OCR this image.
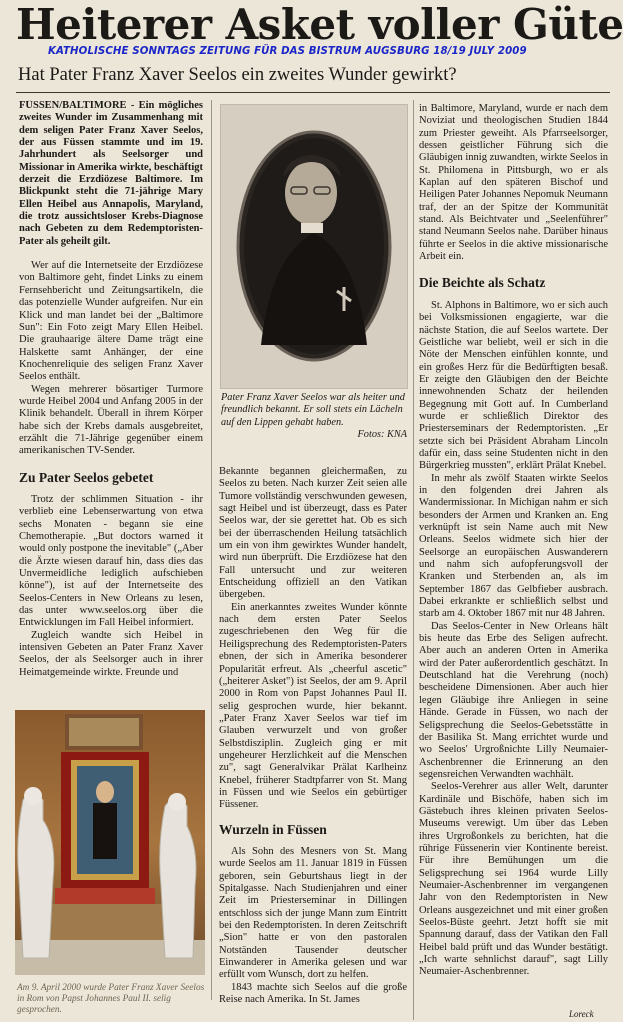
Heiterer Asket voller Güte
KATHOLISCHE SONNTAGS ZEITUNG FÜR DAS BISTRUM AUGSBURG 18/19 JULY 2009
Hat Pater Franz Xaver Seelos ein zweites Wunder gewirkt?

FÜSSEN/BALTIMORE - Ein mögliches zweites Wunder im Zusammenhang mit dem seligen Pater Franz Xaver Seelos, der aus Füssen stammte und im 19. Jahrhundert als Seelsorger und Missionar in Amerika wirkte, beschäftigt derzeit die Erzdiözese Baltimore. Im Blickpunkt steht die 71-jährige Mary Ellen Heibel aus Annapolis, Maryland, die trotz aussichtsloser Krebs-Diagnose nach Gebeten zu dem Redemptoristen-Pater als geheilt gilt.

Wer auf die Internetseite der Erzdiözese von Baltimore geht, findet Links zu einem Fernsehbericht und Zeitungsartikeln, die das potenzielle Wunder aufgreifen. Nur ein Klick und man landet bei der „Baltimore Sun": Ein Foto zeigt Mary Ellen Heibel. Die grauhaarige ältere Dame trägt eine Halskette samt Anhänger, der eine Knochenreliquie des seligen Franz Xaver Seelos enthält.

Wegen mehrerer bösartiger Turmore wurde Heibel 2004 und Anfang 2005 in der Klinik behandelt. Überall in ihrem Körper habe sich der Krebs damals ausgebreitet, erzählt die 71-Jährige gegenüber einem amerikanischen TV-Sender.

Zu Pater Seelos gebetet

Trotz der schlimmen Situation - ihr verblieb eine Lebenserwartung von etwa sechs Monaten - begann sie eine Chemotherapie. „But doctors warned it would only postpone the inevitable" („Aber die Ärzte wiesen darauf hin, dass dies das Unvermeidliche lediglich aufschieben könne"), ist auf der Internetseite des Seelos-Centers in New Orleans zu lesen, das unter www.seelos.org über die Entwicklungen im Fall Heibel informiert.

Zugleich wandte sich Heibel in intensiven Gebeten an Pater Franz Xaver Seelos, der als Seelsorger auch in ihrer Heimatgemeinde wirkte. Freunde und

Am 9. April 2000 wurde Pater Franz Xaver Seelos in Rom von Papst Johannes Paul II. selig gesprochen.
Pater Franz Xaver Seelos war als heiter und freundlich bekannt. Er soll stets ein Lächeln auf den Lippen gehabt haben.
Fotos: KNA

Bekannte begannen gleichermaßen, zu Seelos zu beten. Nach kurzer Zeit seien alle Tumore vollständig verschwunden gewesen, sagt Heibel und ist überzeugt, dass es Pater Seelos war, der sie gerettet hat. Ob es sich bei der überraschenden Heilung tatsächlich um ein von ihm gewirktes Wunder handelt, wird nun überprüft. Die Erzdiözese hat den Fall untersucht und zur weiteren Entscheidung offiziell an den Vatikan übergeben.

Ein anerkanntes zweites Wunder könnte nach dem ersten Pater Seelos zugeschriebenen den Weg für die Heiligsprechung des Redemptoristen-Paters ebnen, der sich in Amerika besonderer Popularität erfreut. Als „cheerful ascetic" („heiterer Asket") ist Seelos, der am 9. April 2000 in Rom von Papst Johannes Paul II. selig gesprochen wurde, hier bekannt. „Pater Franz Xaver Seelos war tief im Glauben verwurzelt und von großer Selbstdisziplin. Zugleich ging er mit ungeheurer Herzlichkeit auf die Menschen zu", sagt Generalvikar Prälat Karlheinz Knebel, früherer Stadtpfarrer von St. Mang in Füssen und wie Seelos ein gebürtiger Füssener.

Wurzeln in Füssen

Als Sohn des Mesners von St. Mang wurde Seelos am 11. Januar 1819 in Füssen geboren, sein Geburtshaus liegt in der Spitalgasse. Nach Studienjahren und einer Zeit im Priesterseminar in Dillingen entschloss sich der junge Mann zum Eintritt bei den Redemptoristen. In deren Zeitschrift „Sion" hatte er von den pastoralen Notständen Tausender deutscher Einwanderer in Amerika gelesen und war erfüllt vom Wunsch, dort zu helfen.

1843 machte sich Seelos auf die große Reise nach Amerika. In St. James

in Baltimore, Maryland, wurde er nach dem Noviziat und theologischen Studien 1844 zum Priester geweiht. Als Pfarrseelsorger, dessen geistlicher Führung sich die Gläubigen innig zuwandten, wirkte Seelos in St. Philomena in Pittsburgh, wo er als Kaplan auf den späteren Bischof und Heiligen Pater Johannes Nepomuk Neumann traf, der an der Spitze der Kommunität stand. Als Beichtvater und „Seelenführer" stand Neumann Seelos nahe. Darüber hinaus führte er Seelos in die aktive missionarische Arbeit ein.

Die Beichte als Schatz

St. Alphons in Baltimore, wo er sich auch bei Volksmissionen engagierte, war die nächste Station, die auf Seelos wartete. Der Geistliche war beliebt, weil er sich in die Nöte der Menschen einfühlen konnte, und ein großes Herz für die Bedürftigten besaß. Er zeigte den Gläubigen den der Beichte innewohnenden Schatz der heilenden Begegnung mit Gott auf. In Cumberland wurde er schließlich Direktor des Priesterseminars der Redemptoristen. „Er setzte sich bei Präsident Abraham Lincoln dafür ein, dass seine Studenten nicht in den Bürgerkrieg mussten", erklärt Prälat Knebel.

In mehr als zwölf Staaten wirkte Seelos in den folgenden drei Jahren als Wandermissionar. In Michigan nahm er sich besonders der Armen und Kranken an. Eng verknüpft ist sein Name auch mit New Orleans. Seelos widmete sich hier der Seelsorge an europäischen Auswanderern und nahm sich aufopferungsvoll der Kranken und Sterbenden an, als im September 1867 das Gelbfieber ausbrach. Dabei erkrankte er schließlich selbst und starb am 4. Oktober 1867 mit nur 48 Jahren.

Das Seelos-Center in New Orleans hält bis heute das Erbe des Seligen aufrecht. Aber auch an anderen Orten in Amerika wird der Pater außerordentlich geschätzt. In Deutschland hat die Verehrung (noch) bescheidene Dimensionen. Aber auch hier legen Gläubige ihre Anliegen in seine Hände. Gerade in Füssen, wo nach der Seligsprechung die Seelos-Gebetsstätte in der Basilika St. Mang errichtet wurde und wo Seelos' Urgroßnichte Lilly Neumaier-Aschenbrenner die Erinnerung an den segensreichen Verwandten wachhält.

Seelos-Verehrer aus aller Welt, darunter Kardinäle und Bischöfe, haben sich im Gästebuch ihres kleinen privaten Seelos-Museums verewigt. Um über das Leben ihres Urgroßonkels zu berichten, hat die rührige Füssenerin vier Kontinente bereist. Für ihre Bemühungen um die Seligsprechung sei 1964 wurde Lilly Neumaier-Aschenbrenner im vergangenen Jahr von den Redemptoristen in New Orleans ausgezeichnet und mit einer großen Seelos-Büste geehrt. Jetzt hofft sie mit Spannung darauf, dass der Vatikan den Fall Heibel bald prüft und das Wunder bestätigt. „Ich warte sehnlichst darauf", sagt Lilly Neumaier-Aschenbrenner.

Loreck
